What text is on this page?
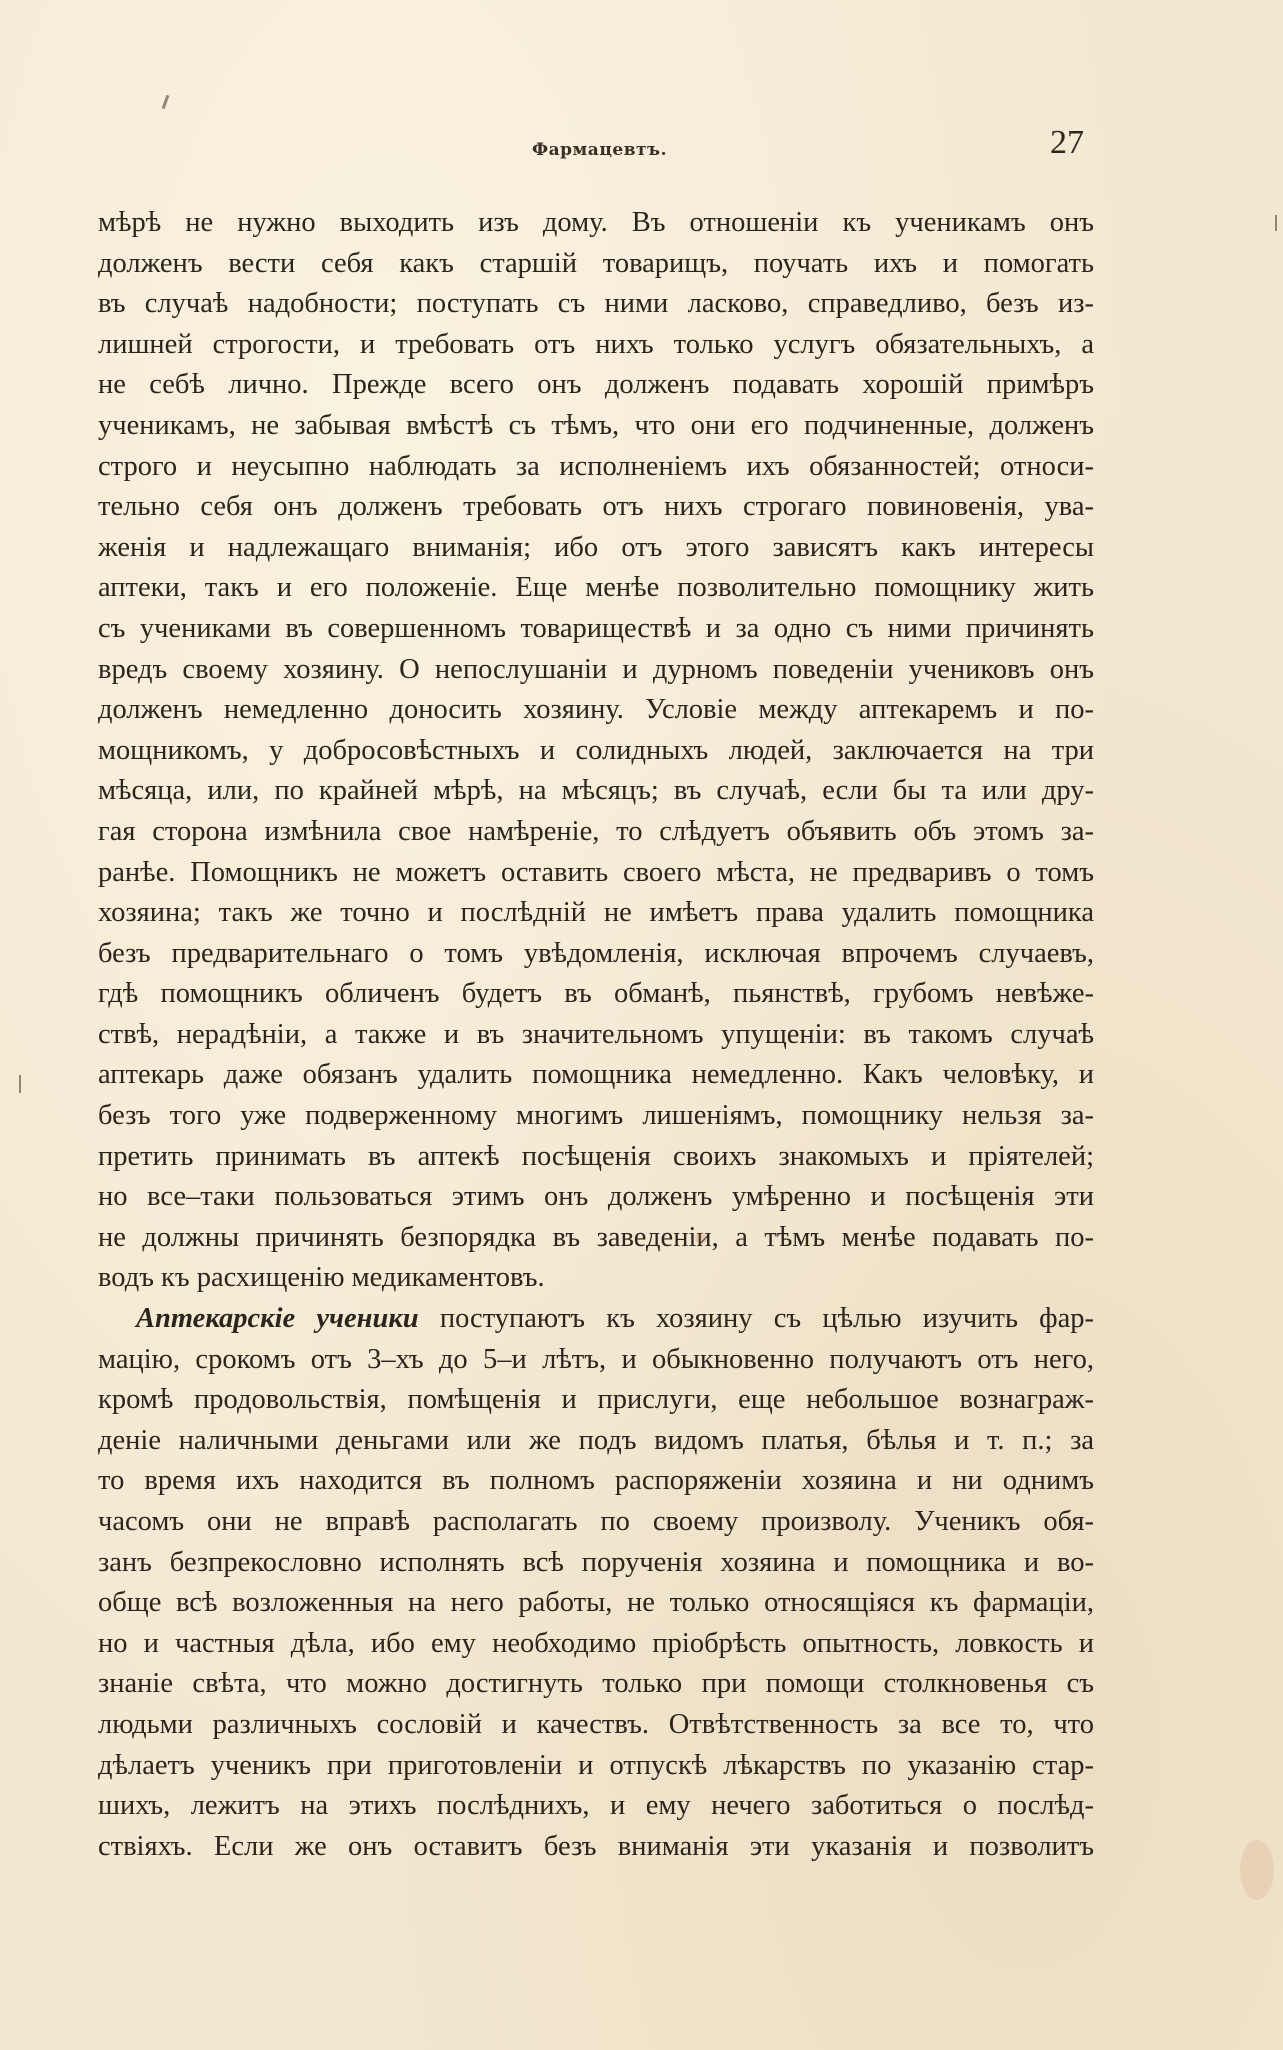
Фармацевтъ.	27
мѣрѣ не нужно выходить изъ дому. Въ отношеніи къ ученикамъ онъ
долженъ вести себя какъ старшій товарищъ, поучать ихъ и помогать
въ случаѣ надобности; поступать съ ними ласково, справедливо, безъ из-
лишней строгости, и требовать отъ нихъ только услугъ обязательныхъ, а
не себѣ лично. Прежде всего онъ долженъ подавать хорошій примѣръ
ученикамъ, не забывая вмѣстѣ съ тѣмъ, что они его подчиненные, долженъ
строго и неусыпно наблюдать за исполненіемъ ихъ обязанностей; относи-
тельно себя онъ долженъ требовать отъ нихъ строгаго повиновенія, ува-
женія и надлежащаго вниманія; ибо отъ этого зависятъ какъ интересы
аптеки, такъ и его положеніе. Еще менѣе позволительно помощнику жить
съ учениками въ совершенномъ товариществѣ и за одно съ ними причинять
вредъ своему хозяину. О непослушаніи и дурномъ поведеніи учениковъ онъ
долженъ немедленно доносить хозяину. Условіе между аптекаремъ и по-
мощникомъ, у добросовѣстныхъ и солидныхъ людей, заключается на три
мѣсяца, или, по крайней мѣрѣ, на мѣсяцъ; въ случаѣ, если бы та или дру-
гая сторона измѣнила свое намѣреніе, то слѣдуетъ объявить объ этомъ за-
ранѣе. Помощникъ не можетъ оставить своего мѣста, не предваривъ о томъ
хозяина; такъ же точно и послѣдній не имѣетъ права удалить помощника
безъ предварительнаго о томъ увѣдомленія, исключая впрочемъ случаевъ,
гдѣ помощникъ обличенъ будетъ въ обманѣ, пьянствѣ, грубомъ невѣже-
ствѣ, нерадѣніи, а также и въ значительномъ упущеніи: въ такомъ случаѣ
аптекарь даже обязанъ удалить помощника немедленно. Какъ человѣку, и
безъ того уже подверженному многимъ лишеніямъ, помощнику нельзя за-
претить принимать въ аптекѣ посѣщенія своихъ знакомыхъ и пріятелей;
но все–таки пользоваться этимъ онъ долженъ умѣренно и посѣщенія эти
не должны причинять безпорядка въ заведеніи, а тѣмъ менѣе подавать по-
водъ къ расхищенію медикаментовъ.
Аптекарскіе ученики поступаютъ къ хозяину съ цѣлью изучить фар-
мацію, срокомъ отъ 3–хъ до 5–и лѣтъ, и обыкновенно получаютъ отъ него,
кромѣ продовольствія, помѣщенія и прислуги, еще небольшое вознаграж-
деніе наличными деньгами или же подъ видомъ платья, бѣлья и т. п.; за
то время ихъ находится въ полномъ распоряженіи хозяина и ни однимъ
часомъ они не вправѣ располагать по своему произволу. Ученикъ обя-
занъ безпрекословно исполнять всѣ порученія хозяина и помощника и во-
обще всѣ возложенныя на него работы, не только относящіяся къ фармаціи,
но и частныя дѣла, ибо ему необходимо пріобрѣсть опытность, ловкость и
знаніе свѣта, что можно достигнуть только при помощи столкновенья съ
людьми различныхъ сословій и качествъ. Отвѣтственность за все то, что
дѣлаетъ ученикъ при приготовленіи и отпускѣ лѣкарствъ по указанію стар-
шихъ, лежитъ на этихъ послѣднихъ, и ему нечего заботиться о послѣд-
ствіяхъ. Если же онъ оставитъ безъ вниманія эти указанія и позволитъ
